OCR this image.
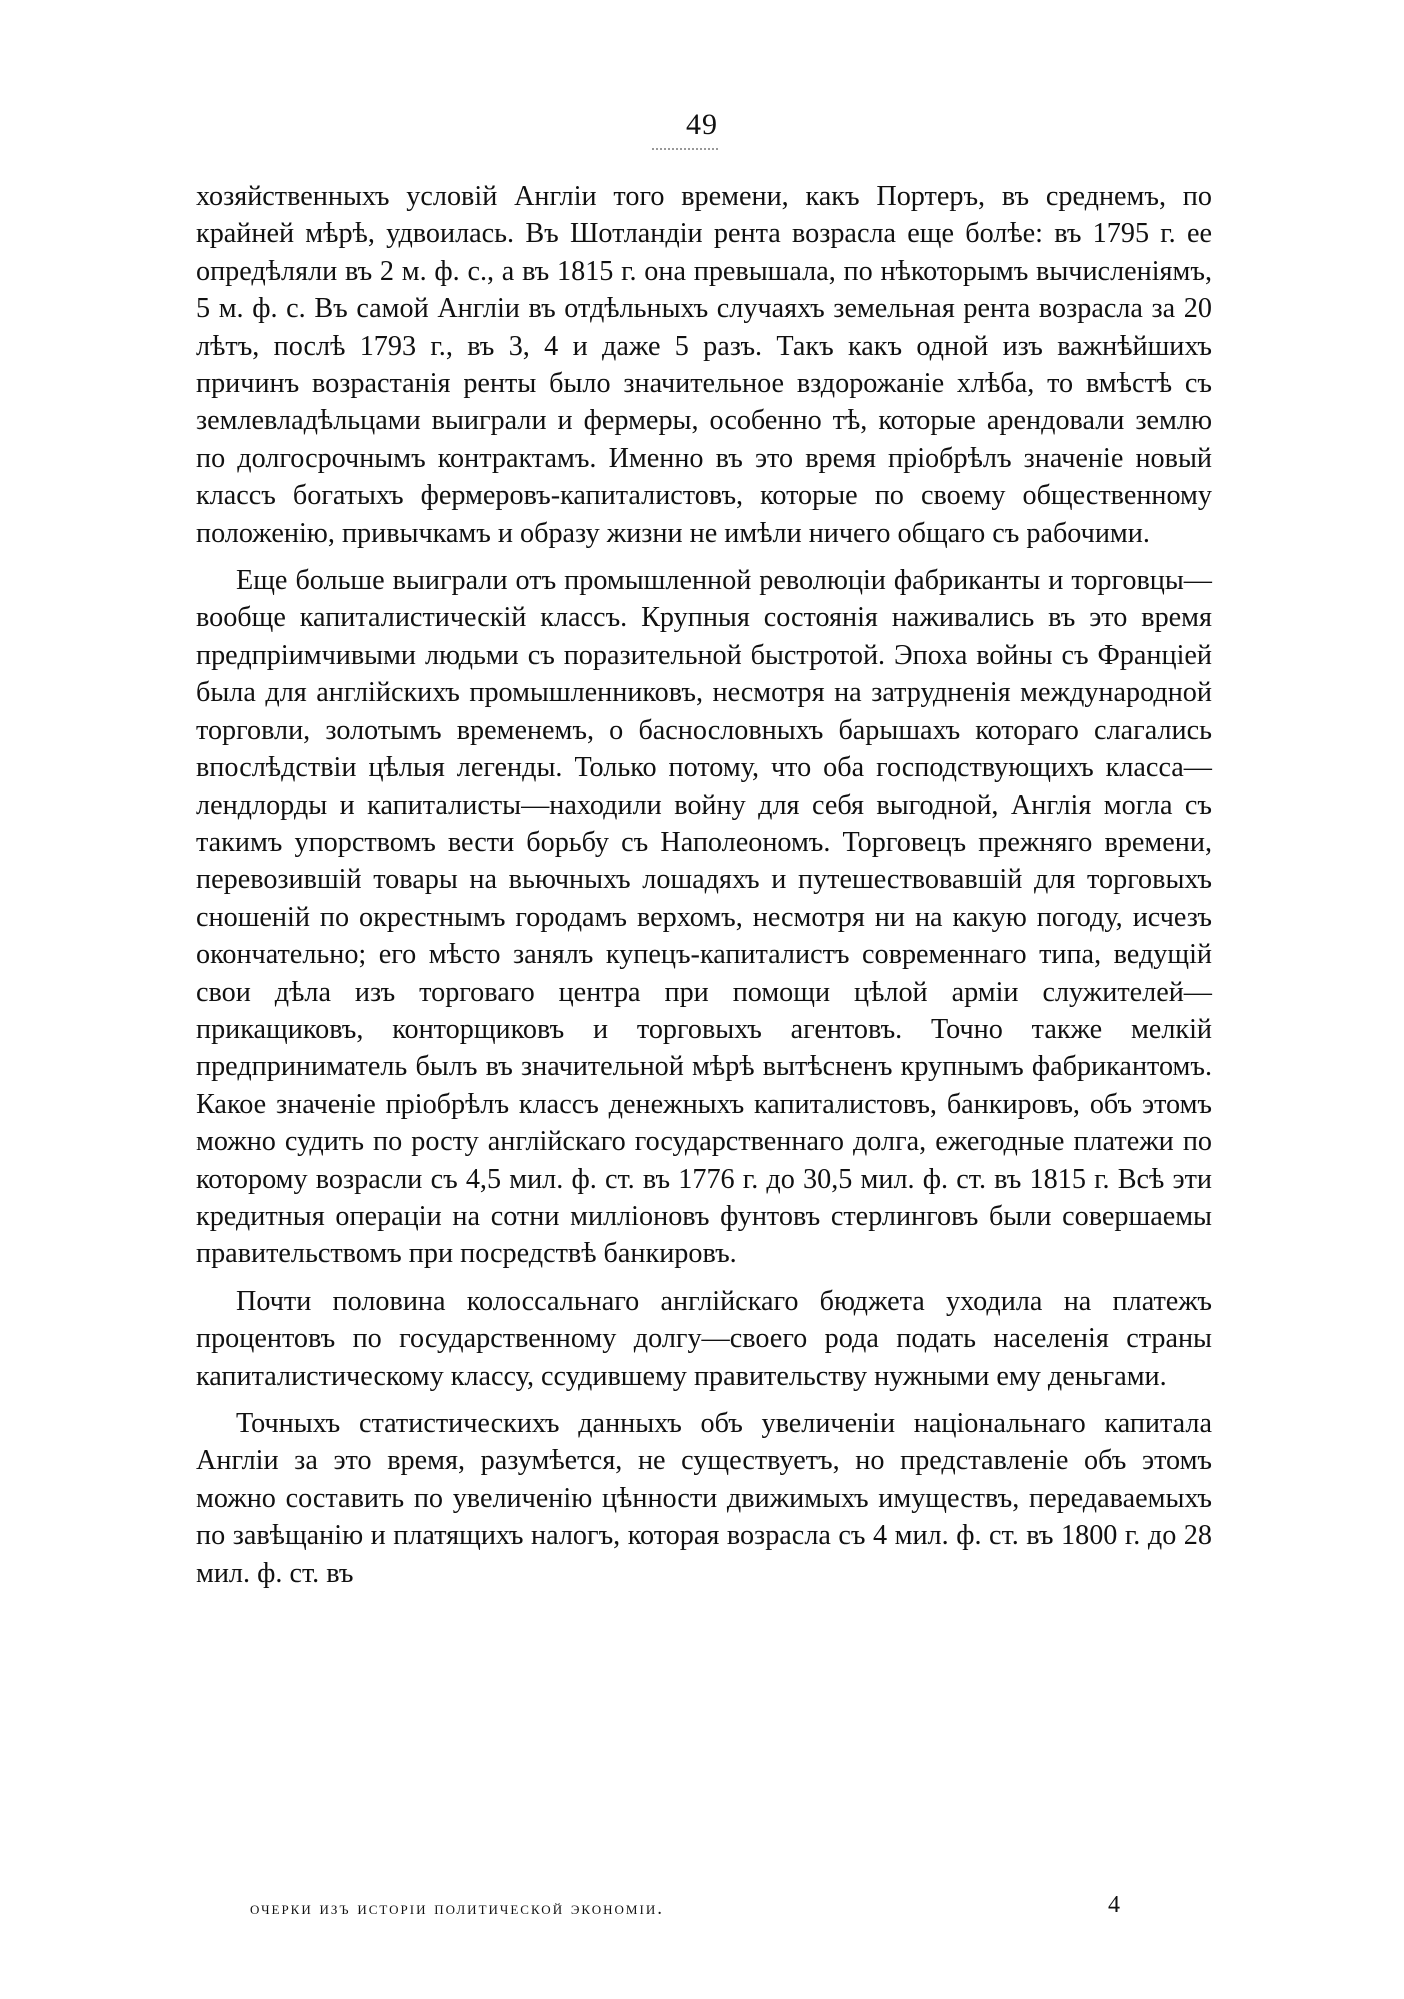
49

хозяйственныхъ условій Англіи того времени, какъ Портеръ, въ среднемъ, по крайней мѣрѣ, удвоилась. Въ Шотландіи рента возрасла еще болѣе: въ 1795 г. ее опредѣляли въ 2 м. ф. с., а въ 1815 г. она превышала, по нѣкоторымъ вычисленіямъ, 5 м. ф. с. Въ самой Англіи въ отдѣльныхъ случаяхъ земельная рента возрасла за 20 лѣтъ, послѣ 1793 г., въ 3, 4 и даже 5 разъ. Такъ какъ одной изъ важнѣйшихъ причинъ возрастанія ренты было значительное вздорожаніе хлѣба, то вмѣстѣ съ землевладѣльцами выиграли и фермеры, особенно тѣ, которые арендовали землю по долгосрочнымъ контрактамъ. Именно въ это время пріобрѣлъ значеніе новый классъ богатыхъ фермеровъ-капиталистовъ, которые по своему общественному положенію, привычкамъ и образу жизни не имѣли ничего общаго съ рабочими.

Еще больше выиграли отъ промышленной революціи фабриканты и торговцы—вообще капиталистическій классъ. Крупныя состоянія наживались въ это время предпріимчивыми людьми съ поразительной быстротой. Эпоха войны съ Франціей была для англійскихъ промышленниковъ, несмотря на затрудненія международной торговли, золотымъ временемъ, о баснословныхъ барышахъ котораго слагались впослѣдствіи цѣлыя легенды. Только потому, что оба господствующихъ класса—лендлорды и капиталисты—находили войну для себя выгодной, Англія могла съ такимъ упорствомъ вести борьбу съ Наполеономъ. Торговецъ прежняго времени, перевозившій товары на вьючныхъ лошадяхъ и путешествовавшій для торговыхъ сношеній по окрестнымъ городамъ верхомъ, несмотря ни на какую погоду, исчезъ окончательно; его мѣсто занялъ купецъ-капиталистъ современнаго типа, ведущій свои дѣла изъ торговаго центра при помощи цѣлой арміи служителей—прикащиковъ, конторщиковъ и торговыхъ агентовъ. Точно также мелкій предприниматель былъ въ значительной мѣрѣ вытѣсненъ крупнымъ фабрикантомъ. Какое значеніе пріобрѣлъ классъ денежныхъ капиталистовъ, банкировъ, объ этомъ можно судить по росту англійскаго государственнаго долга, ежегодные платежи по которому возрасли съ 4,5 мил. ф. ст. въ 1776 г. до 30,5 мил. ф. ст. въ 1815 г. Всѣ эти кредитныя операціи на сотни милліоновъ фунтовъ стерлинговъ были совершаемы правительствомъ при посредствѣ банкировъ.

Почти половина колоссальнаго англійскаго бюджета уходила на платежъ процентовъ по государственному долгу—своего рода подать населенія страны капиталистическому классу, ссудившему правительству нужными ему деньгами.

Точныхъ статистическихъ данныхъ объ увеличеніи національнаго капитала Англіи за это время, разумѣется, не существуетъ, но представленіе объ этомъ можно составить по увеличенію цѣнности движимыхъ имуществъ, передаваемыхъ по завѣщанію и платящихъ налогъ, которая возрасла съ 4 мил. ф. ст. въ 1800 г. до 28 мил. ф. ст. въ

очерки изъ исторіи политической экономіи.	4
